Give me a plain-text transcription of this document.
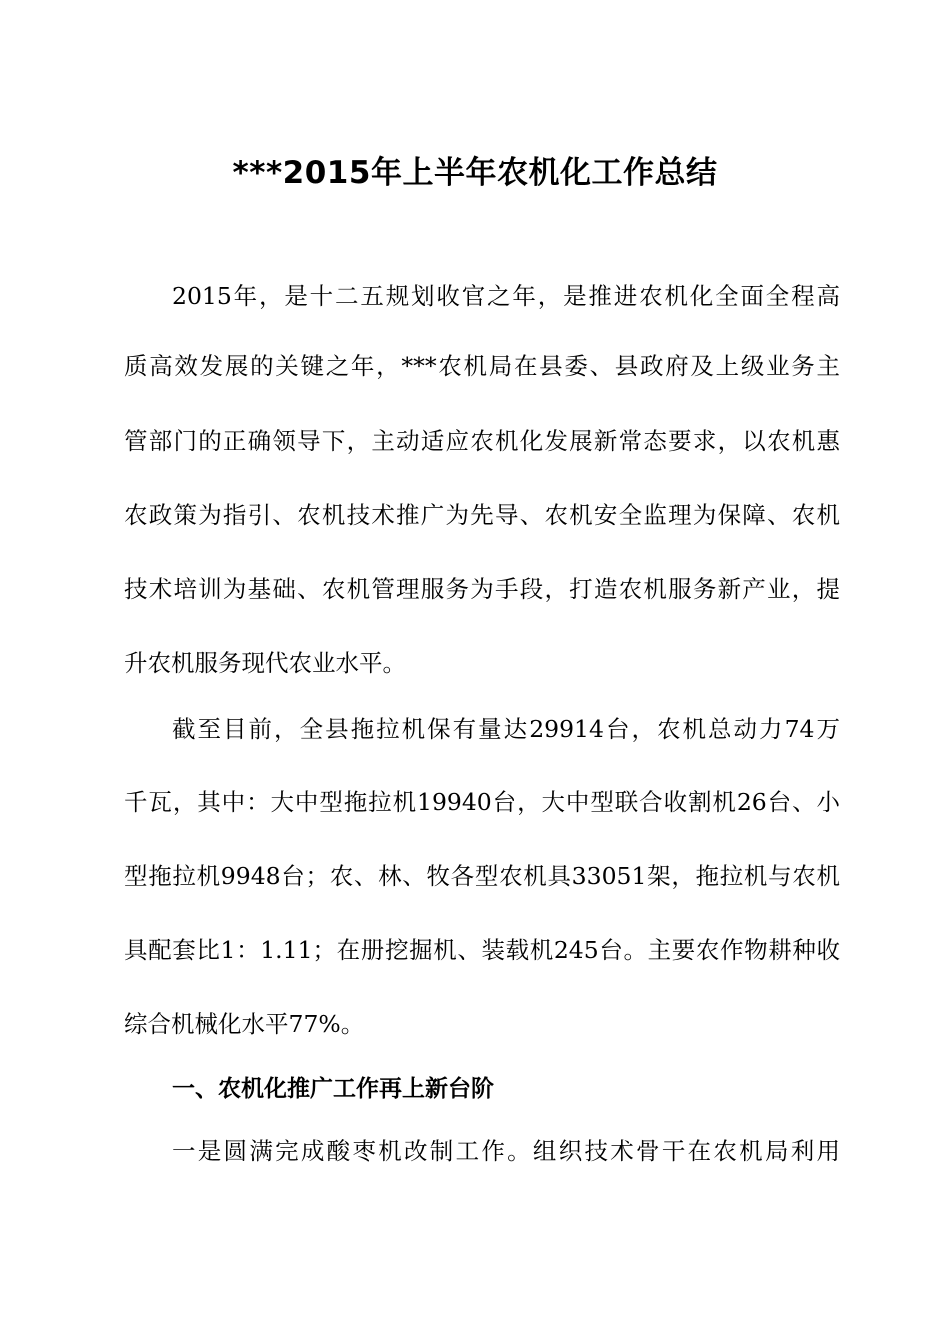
***2015年上半年农机化工作总结
2015年，是十二五规划收官之年，是推进农机化全面全程高
质高效发展的关键之年，***农机局在县委、县政府及上级业务主
管部门的正确领导下，主动适应农机化发展新常态要求，以农机惠
农政策为指引、农机技术推广为先导、农机安全监理为保障、农机
技术培训为基础、农机管理服务为手段，打造农机服务新产业，提
升农机服务现代农业水平。
截至目前，全县拖拉机保有量达29914台，农机总动力74万
千瓦，其中：大中型拖拉机19940台，大中型联合收割机26台、小
型拖拉机9948台；农、林、牧各型农机具33051架，拖拉机与农机
具配套比1：1.11；在册挖掘机、装载机245台。主要农作物耕种收
综合机械化水平77%。
一、农机化推广工作再上新台阶
一是圆满完成酸枣机改制工作。组织技术骨干在农机局利用
